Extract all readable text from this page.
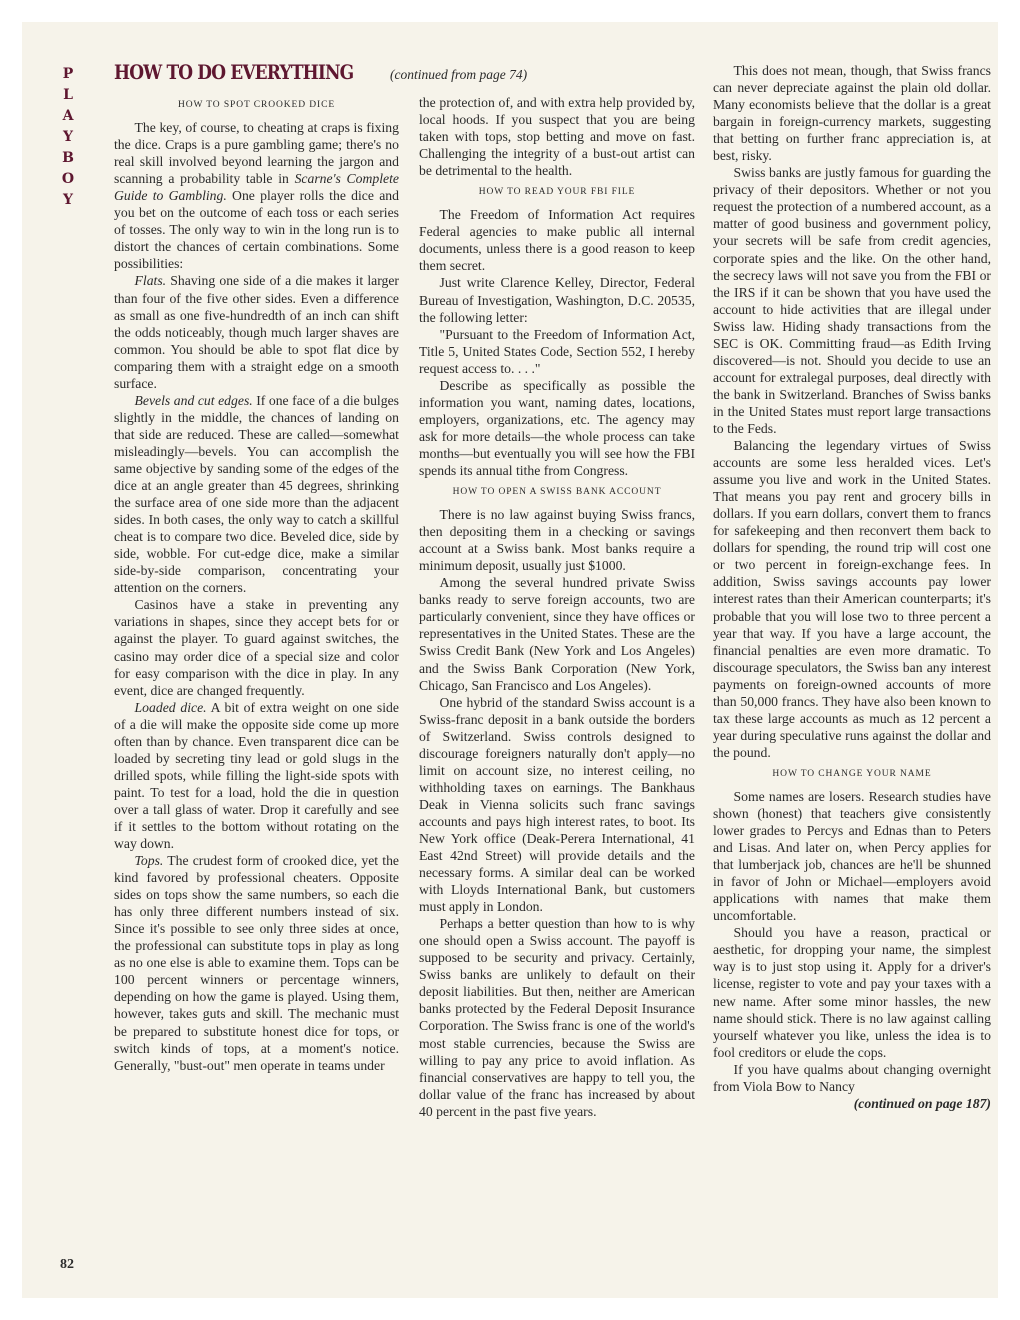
P
L
A
Y
B
O
Y
HOW TO DO EVERYTHING	(continued from page 74)
HOW TO SPOT CROOKED DICE

The key, of course, to cheating at craps is fixing the dice. Craps is a pure gambling game; there's no real skill involved beyond learning the jargon and scanning a probability table in Scarne's Complete Guide to Gambling. One player rolls the dice and you bet on the outcome of each toss or each series of tosses. The only way to win in the long run is to distort the chances of certain combinations. Some possibilities:

Flats. Shaving one side of a die makes it larger than four of the five other sides. Even a difference as small as one five-hundredth of an inch can shift the odds noticeably, though much larger shaves are common. You should be able to spot flat dice by comparing them with a straight edge on a smooth surface.

Bevels and cut edges. If one face of a die bulges slightly in the middle, the chances of landing on that side are reduced. These are called—somewhat misleadingly—bevels. You can accomplish the same objective by sanding some of the edges of the dice at an angle greater than 45 degrees, shrinking the surface area of one side more than the adjacent sides. In both cases, the only way to catch a skillful cheat is to compare two dice. Beveled dice, side by side, wobble. For cut-edge dice, make a similar side-by-side comparison, concentrating your attention on the corners.

Casinos have a stake in preventing any variations in shapes, since they accept bets for or against the player. To guard against switches, the casino may order dice of a special size and color for easy comparison with the dice in play. In any event, dice are changed frequently.

Loaded dice. A bit of extra weight on one side of a die will make the opposite side come up more often than by chance. Even transparent dice can be loaded by secreting tiny lead or gold slugs in the drilled spots, while filling the light-side spots with paint. To test for a load, hold the die in question over a tall glass of water. Drop it carefully and see if it settles to the bottom without rotating on the way down.

Tops. The crudest form of crooked dice, yet the kind favored by professional cheaters. Opposite sides on tops show the same numbers, so each die has only three different numbers instead of six. Since it's possible to see only three sides at once, the professional can substitute tops in play as long as no one else is able to examine them. Tops can be 100 percent winners or percentage winners, depending on how the game is played. Using them, however, takes guts and skill. The mechanic must be prepared to substitute honest dice for tops, or switch kinds of tops, at a moment's notice. Generally, "bust-out" men operate in teams under

the protection of, and with extra help provided by, local hoods. If you suspect that you are being taken with tops, stop betting and move on fast. Challenging the integrity of a bust-out artist can be detrimental to the health.

HOW TO READ YOUR FBI FILE

The Freedom of Information Act requires Federal agencies to make public all internal documents, unless there is a good reason to keep them secret.

Just write Clarence Kelley, Director, Federal Bureau of Investigation, Washington, D.C. 20535, the following letter:

"Pursuant to the Freedom of Information Act, Title 5, United States Code, Section 552, I hereby request access to. . . ."

Describe as specifically as possible the information you want, naming dates, locations, employers, organizations, etc. The agency may ask for more details—the whole process can take months—but eventually you will see how the FBI spends its annual tithe from Congress.

HOW TO OPEN A SWISS BANK ACCOUNT

There is no law against buying Swiss francs, then depositing them in a checking or savings account at a Swiss bank. Most banks require a minimum deposit, usually just $1000.

Among the several hundred private Swiss banks ready to serve foreign accounts, two are particularly convenient, since they have offices or representatives in the United States. These are the Swiss Credit Bank (New York and Los Angeles) and the Swiss Bank Corporation (New York, Chicago, San Francisco and Los Angeles).

One hybrid of the standard Swiss account is a Swiss-franc deposit in a bank outside the borders of Switzerland. Swiss controls designed to discourage foreigners naturally don't apply—no limit on account size, no interest ceiling, no withholding taxes on earnings. The Bankhaus Deak in Vienna solicits such franc savings accounts and pays high interest rates, to boot. Its New York office (Deak-Perera International, 41 East 42nd Street) will provide details and the necessary forms. A similar deal can be worked with Lloyds International Bank, but customers must apply in London.

Perhaps a better question than how to is why one should open a Swiss account. The payoff is supposed to be security and privacy. Certainly, Swiss banks are unlikely to default on their deposit liabilities. But then, neither are American banks protected by the Federal Deposit Insurance Corporation. The Swiss franc is one of the world's most stable currencies, because the Swiss are willing to pay any price to avoid inflation. As financial conservatives are happy to tell you, the dollar value of the franc has increased by about 40 percent in the past five years.

This does not mean, though, that Swiss francs can never depreciate against the plain old dollar. Many economists believe that the dollar is a great bargain in foreign-currency markets, suggesting that betting on further franc appreciation is, at best, risky.

Swiss banks are justly famous for guarding the privacy of their depositors. Whether or not you request the protection of a numbered account, as a matter of good business and government policy, your secrets will be safe from credit agencies, corporate spies and the like. On the other hand, the secrecy laws will not save you from the FBI or the IRS if it can be shown that you have used the account to hide activities that are illegal under Swiss law. Hiding shady transactions from the SEC is OK. Committing fraud—as Edith Irving discovered—is not. Should you decide to use an account for extralegal purposes, deal directly with the bank in Switzerland. Branches of Swiss banks in the United States must report large transactions to the Feds.

Balancing the legendary virtues of Swiss accounts are some less heralded vices. Let's assume you live and work in the United States. That means you pay rent and grocery bills in dollars. If you earn dollars, convert them to francs for safekeeping and then reconvert them back to dollars for spending, the round trip will cost one or two percent in foreign-exchange fees. In addition, Swiss savings accounts pay lower interest rates than their American counterparts; it's probable that you will lose two to three percent a year that way. If you have a large account, the financial penalties are even more dramatic. To discourage speculators, the Swiss ban any interest payments on foreign-owned accounts of more than 50,000 francs. They have also been known to tax these large accounts as much as 12 percent a year during speculative runs against the dollar and the pound.

HOW TO CHANGE YOUR NAME

Some names are losers. Research studies have shown (honest) that teachers give consistently lower grades to Percys and Ednas than to Peters and Lisas. And later on, when Percy applies for that lumberjack job, chances are he'll be shunned in favor of John or Michael—employers avoid applications with names that make them uncomfortable.

Should you have a reason, practical or aesthetic, for dropping your name, the simplest way is to just stop using it. Apply for a driver's license, register to vote and pay your taxes with a new name. After some minor hassles, the new name should stick. There is no law against calling yourself whatever you like, unless the idea is to fool creditors or elude the cops.

If you have qualms about changing overnight from Viola Bow to Nancy

(continued on page 187)

82
